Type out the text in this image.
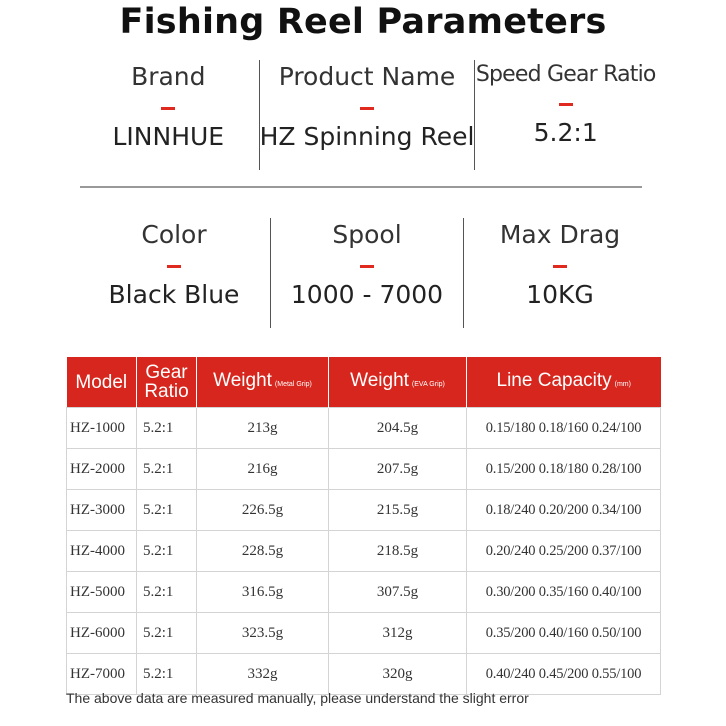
Fishing Reel Parameters
Brand
LINNHUE
Product Name
HZ Spinning Reel
Speed Gear Ratio
5.2:1
Color
Black Blue
Spool
1000 - 7000
Max Drag
10KG
Model	Gear Ratio	Weight (Metal Grip)	Weight (EVA Grip)	Line Capacity (mm)
HZ-1000	5.2:1	213g	204.5g	0.15/180 0.18/160 0.24/100
HZ-2000	5.2:1	216g	207.5g	0.15/200 0.18/180 0.28/100
HZ-3000	5.2:1	226.5g	215.5g	0.18/240 0.20/200 0.34/100
HZ-4000	5.2:1	228.5g	218.5g	0.20/240 0.25/200 0.37/100
HZ-5000	5.2:1	316.5g	307.5g	0.30/200 0.35/160 0.40/100
HZ-6000	5.2:1	323.5g	312g	0.35/200 0.40/160 0.50/100
HZ-7000	5.2:1	332g	320g	0.40/240 0.45/200 0.55/100
The above data are measured manually, please understand the slight error
